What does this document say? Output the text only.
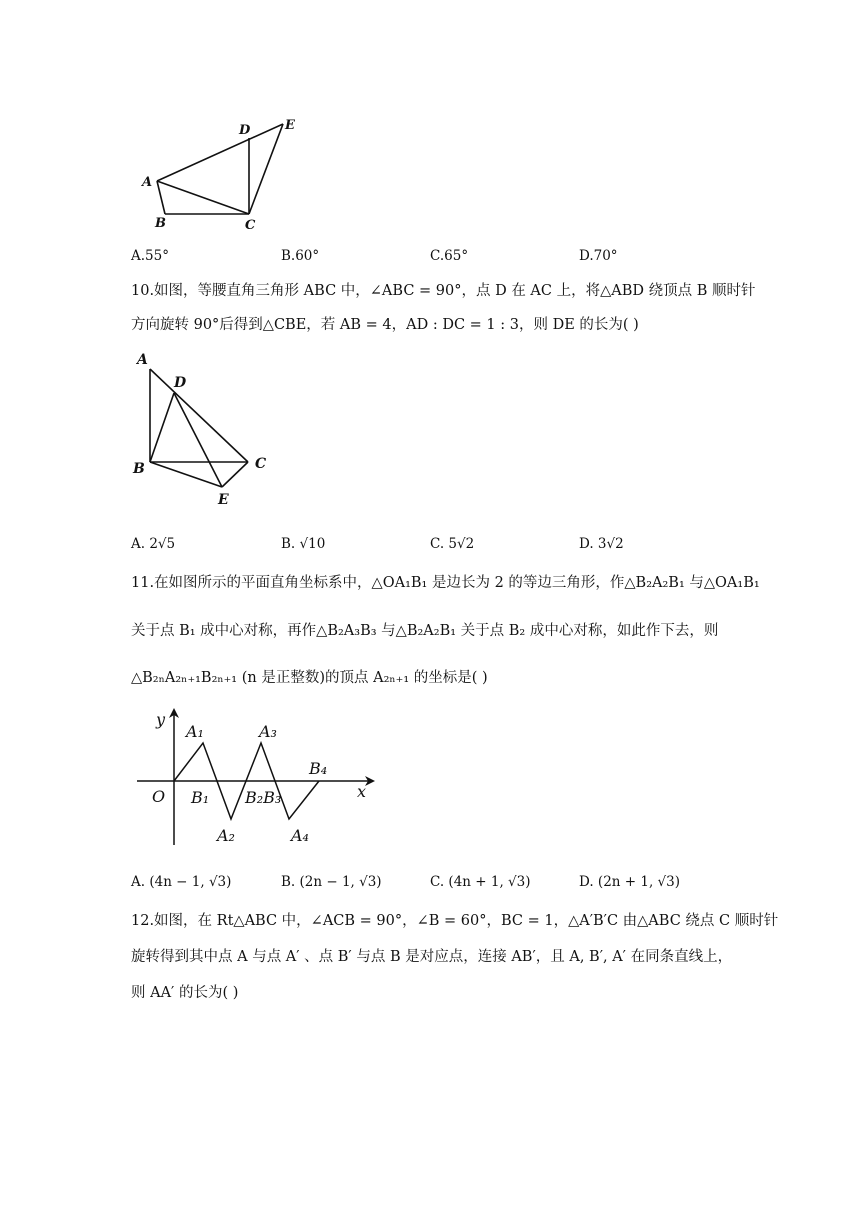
A
B	C
D	E
A.55°	B.60°	C.65°	D.70°
10.如图，等腰直角三角形 ABC 中，∠ABC = 90°，点 D 在 AC 上，将△ABD 绕顶点 B 顺时针
方向旋转 90°后得到△CBE，若 AB = 4，AD : DC = 1 : 3，则 DE 的长为( )
A
D
B	C
E
A. 2√5	B. √10	C. 5√2	D. 3√2
11.在如图所示的平面直角坐标系中，△OA₁B₁ 是边长为 2 的等边三角形，作△B₂A₂B₁ 与△OA₁B₁
关于点 B₁ 成中心对称，再作△B₂A₃B₃ 与△B₂A₂B₁ 关于点 B₂ 成中心对称，如此作下去，则
△B₂ₙA₂ₙ₊₁B₂ₙ₊₁ (n 是正整数)的顶点 A₂ₙ₊₁ 的坐标是( )
y
x
O
A₁	A₃
B₄
B₁ B₂B₃
A₂	A₄
A. (4n − 1, √3)	B. (2n − 1, √3)	C. (4n + 1, √3)	D. (2n + 1, √3)
12.如图，在 Rt△ABC 中，∠ACB = 90°，∠B = 60°，BC = 1，△A′B′C 由△ABC 绕点 C 顺时针
旋转得到其中点 A 与点 A′ 、点 B′ 与点 B 是对应点，连接 AB′，且 A, B′, A′ 在同条直线上，
则 AA′ 的长为( )
